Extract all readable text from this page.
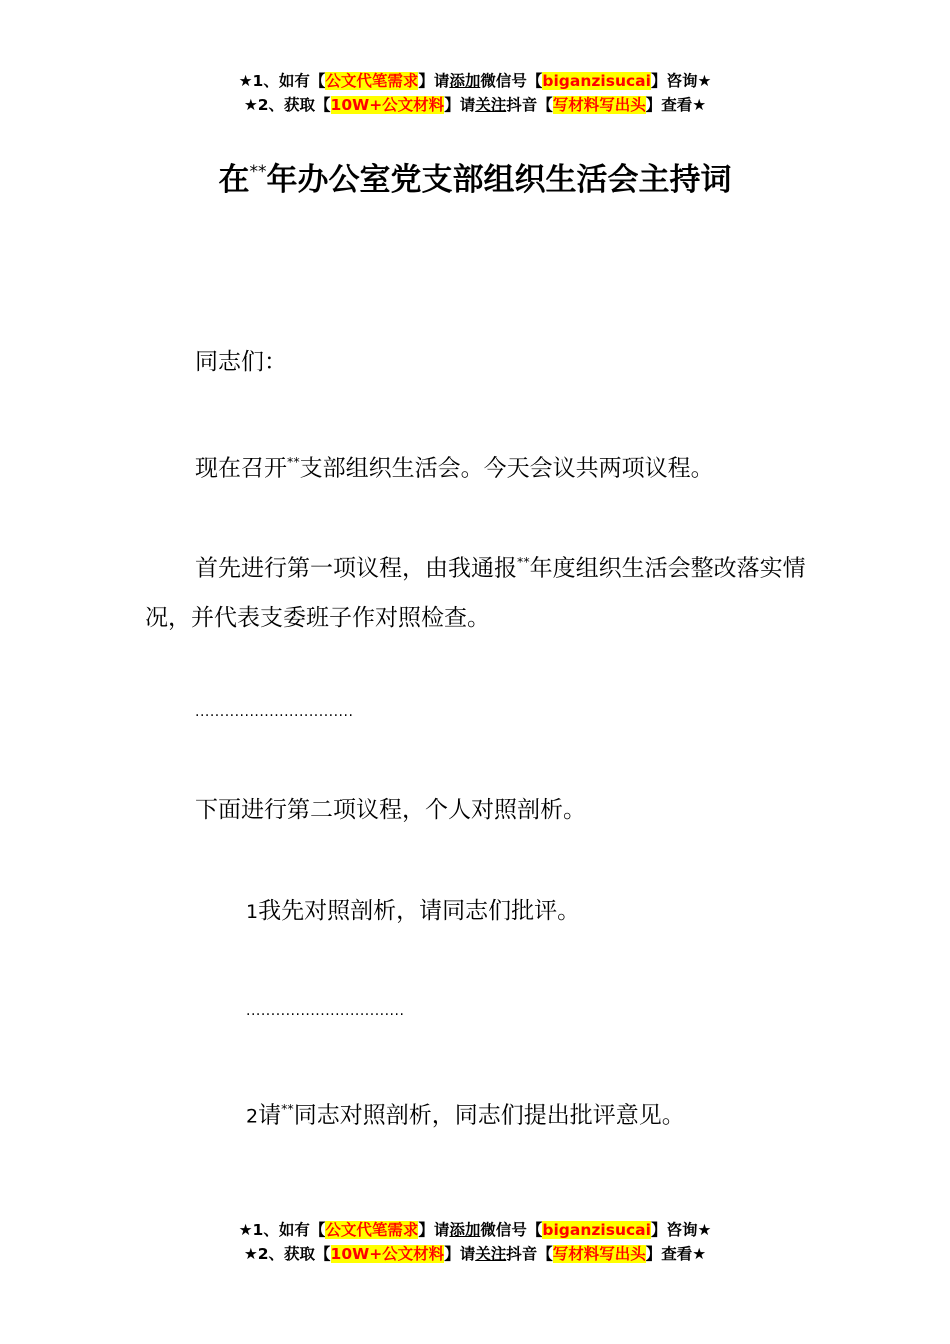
★1、如有【公文代笔需求】请添加微信号【biganzisucai】咨询★
★2、获取【10W+公文材料】请关注抖音【写材料写出头】查看★
在**年办公室党支部组织生活会主持词

同志们：

现在召开**支部组织生活会。今天会议共两项议程。

首先进行第一项议程，由我通报**年度组织生活会整改落实情况，并代表支委班子作对照检查。

................................

下面进行第二项议程，个人对照剖析。

1我先对照剖析，请同志们批评。

................................

2请**同志对照剖析，同志们提出批评意见。

★1、如有【公文代笔需求】请添加微信号【biganzisucai】咨询★
★2、获取【10W+公文材料】请关注抖音【写材料写出头】查看★
